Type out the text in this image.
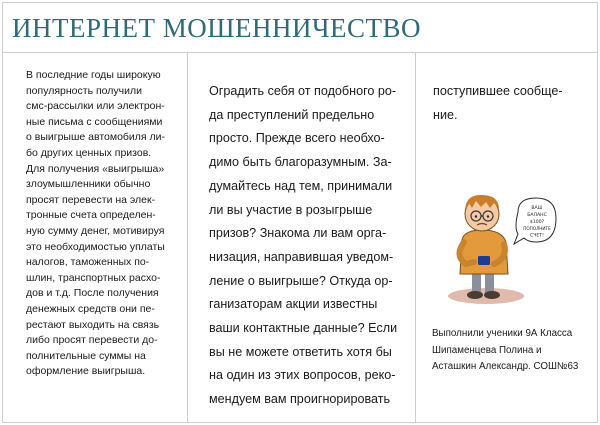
ИНТЕРНЕТ МОШЕННИЧЕСТВО

В последние годы широкую

популярность получили

смс-рассылки или электрон-

ные письма с сообщениями

о выигрыше автомобиля ли-

бо других ценных призов.

Для получения «выигрыша»

злоумышленники обычно

просят перевести на элек-

тронные счета определен-

ную сумму денег, мотивируя

это необходимостью уплаты

налогов, таможенных по-

шлин, транспортных расхо-

дов и т.д. После получения

денежных средств они пе-

рестают выходить на связь

либо просят перевести до-

полнительные суммы на

оформление выигрыша.

Оградить себя от подобного ро-

да преступлений предельно

просто. Прежде всего необхо-

димо быть благоразумным. За-

думайтесь над тем, принимали

ли вы участие в розыгрыше

призов? Знакома ли вам орга-

низация, направившая уведом-

ление о выигрыше? Откуда ор-

ганизаторам акции известны

ваши контактные данные? Если

вы не можете ответить хотя бы

на один из этих вопросов, реко-

мендуем вам проигнорировать

поступившее сообще-

ние.

ВАШ
БАЛАНС
$100?
ПОПОЛНИТЕ
СЧЕТ!
Выполнили ученики 9А Класса
Шипаменцева Полина и
Асташкин Александр. СОШ№63
